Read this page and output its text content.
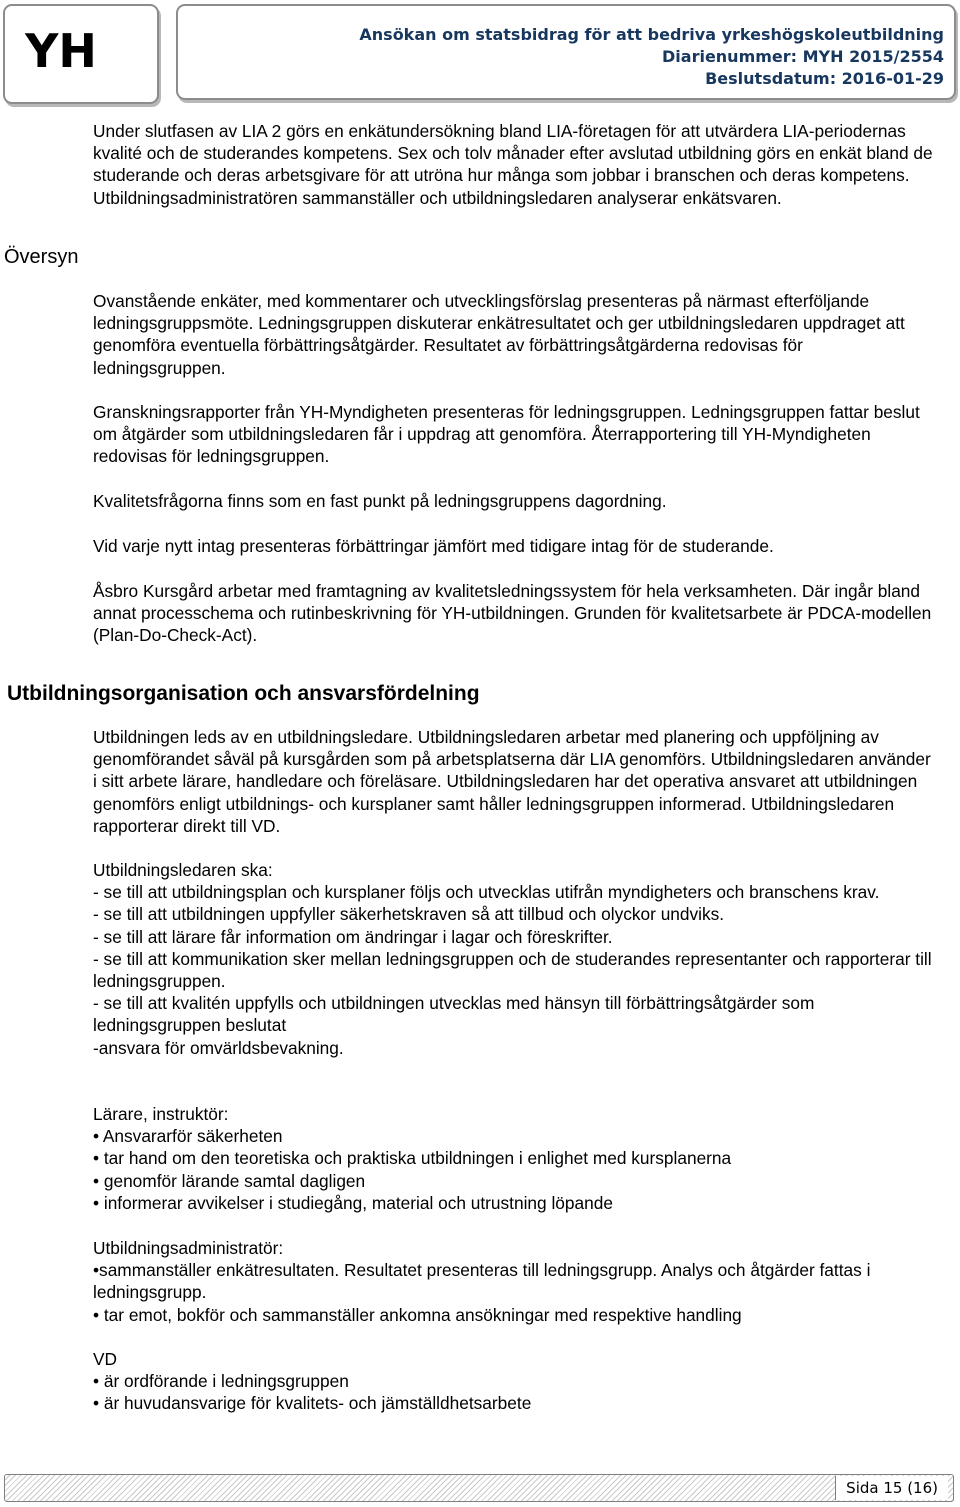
YH	Ansökan om statsbidrag för att bedriva yrkeshögskoleutbildning
Diarienummer: MYH 2015/2554
Beslutsdatum: 2016-01-29
Översyn

Under slutfasen av LIA 2 görs en enkätundersökning bland LIA-företagen för att utvärdera LIA-periodernas kvalité och de studerandes kompetens. Sex och tolv månader efter avslutad utbildning görs en enkät bland de studerande och deras arbetsgivare för att utröna hur många som jobbar i branschen och deras kompetens. Utbildningsadministratören sammanställer och utbildningsledaren analyserar enkätsvaren.

Ovanstående enkäter, med kommentarer och utvecklingsförslag presenteras på närmast efterföljande ledningsgruppsmöte. Ledningsgruppen diskuterar enkätresultatet och ger utbildningsledaren uppdraget att genomföra eventuella förbättringsåtgärder. Resultatet av förbättringsåtgärderna redovisas för ledningsgruppen.

Granskningsrapporter från YH-Myndigheten presenteras för ledningsgruppen. Ledningsgruppen fattar beslut om åtgärder som utbildningsledaren får i uppdrag att genomföra. Återrapportering till YH-Myndigheten redovisas för ledningsgruppen.

Kvalitetsfrågorna finns som en fast punkt på ledningsgruppens dagordning.

Vid varje nytt intag presenteras förbättringar jämfört med tidigare intag för de studerande.

Åsbro Kursgård arbetar med framtagning av kvalitetsledningssystem för hela verksamheten. Där ingår bland annat processchema och rutinbeskrivning för YH-utbildningen. Grunden för kvalitetsarbete är PDCA-modellen (Plan-Do-Check-Act).

Utbildningsorganisation och ansvarsfördelning

Utbildningen leds av en utbildningsledare. Utbildningsledaren arbetar med planering och uppföljning av genomförandet såväl på kursgården som på arbetsplatserna där LIA genomförs. Utbildningsledaren använder i sitt arbete lärare, handledare och föreläsare. Utbildningsledaren har det operativa ansvaret att utbildningen genomförs enligt utbildnings- och kursplaner samt håller ledningsgruppen informerad. Utbildningsledaren rapporterar direkt till VD.

Utbildningsledaren ska:

- se till att utbildningsplan och kursplaner följs och utvecklas utifrån myndigheters och branschens krav.

- se till att utbildningen uppfyller säkerhetskraven så att tillbud och olyckor undviks.

- se till att lärare får information om ändringar i lagar och föreskrifter.

- se till att kommunikation sker mellan ledningsgruppen och de studerandes representanter och rapporterar till ledningsgruppen.

- se till att kvalitén uppfylls och utbildningen utvecklas med hänsyn till förbättringsåtgärder som ledningsgruppen beslutat

-ansvara för omvärldsbevakning.

Lärare, instruktör:

• Ansvararför säkerheten

• tar hand om den teoretiska och praktiska utbildningen i enlighet med kursplanerna

• genomför lärande samtal dagligen

• informerar avvikelser i studiegång, material och utrustning löpande

Utbildningsadministratör:

•sammanställer enkätresultaten. Resultatet presenteras till ledningsgrupp. Analys och åtgärder fattas i ledningsgrupp.

• tar emot, bokför och sammanställer ankomna ansökningar med respektive handling

VD

• är ordförande i ledningsgruppen

• är huvudansvarige för kvalitets- och jämställdhetsarbete

Sida 15 (16)
